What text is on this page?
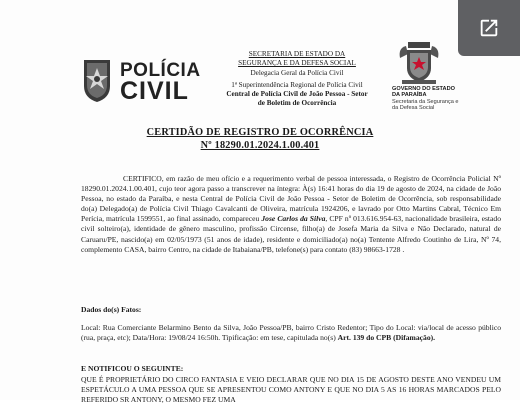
POLÍCIA
CIVIL
SECRETARIA DE ESTADO DA
SEGURANÇA E DA DEFESA SOCIAL
Delegacia Geral da Polícia Civil
1ª Superintendência Regional de Polícia Civil
Central de Polícia Civil de João Pessoa - Setor
de Boletim de Ocorrência
GOVERNO DO ESTADO DA PARAÍBA
Secretaria da Segurança e da Defesa Social
CERTIDÃO DE REGISTRO DE OCORRÊNCIA
Nº 18290.01.2024.1.00.401

CERTIFICO, em razão de meu ofício e a requerimento verbal de pessoa interessada, o Registro de Ocorrência Policial Nº 18290.01.2024.1.00.401, cujo teor agora passo a transcrever na íntegra: À(s) 16:41 horas do dia 19 de agosto de 2024, na cidade de João Pessoa, no estado da Paraíba, e nesta Central de Polícia Civil de João Pessoa - Setor de Boletim de Ocorrência, sob responsabilidade do(a) Delegado(a) de Polícia Civil Thiago Cavalcanti de Oliveira, matrícula 1924206, e lavrado por Otto Martins Cabral, Técnico Em Perícia, matrícula 1599551, ao final assinado, compareceu Jose Carlos da Silva, CPF nº 013.616.954-63, nacionalidade brasileira, estado civil solteiro(a), identidade de gênero masculino, profissão Circense, filho(a) de Josefa Maria da Silva e Não Declarado, natural de Caruaru/PE, nascido(a) em 02/05/1973 (51 anos de idade), residente e domiciliado(a) no(a) Tentente Alfredo Coutinho de Lira, Nº 74, complemento CASA, bairro Centro, na cidade de Itabaiana/PB, telefone(s) para contato (83) 98663-1728 .

Dados do(s) Fatos:

Local: Rua Comerciante Belarmino Bento da Silva, João Pessoa/PB, bairro Cristo Redentor; Tipo do Local: via/local de acesso público (rua, praça, etc); Data/Hora: 19/08/24 16:50h. Tipificação: em tese, capitulada no(s) Art. 139 do CPB (Difamação).

E NOTIFICOU O SEGUINTE:

QUE É PROPRIETÁRIO DO CIRCO FANTASIA E VEIO DECLARAR QUE NO DIA 15 DE AGOSTO DESTE ANO VENDEU UM ESPETÁCULO A UMA PESSOA QUE SE APRESENTOU COMO ANTONY E QUE NO DIA 5 AS 16 HORAS MARCADOS PELO REFERIDO SR ANTONY, O MESMO FEZ UMA
